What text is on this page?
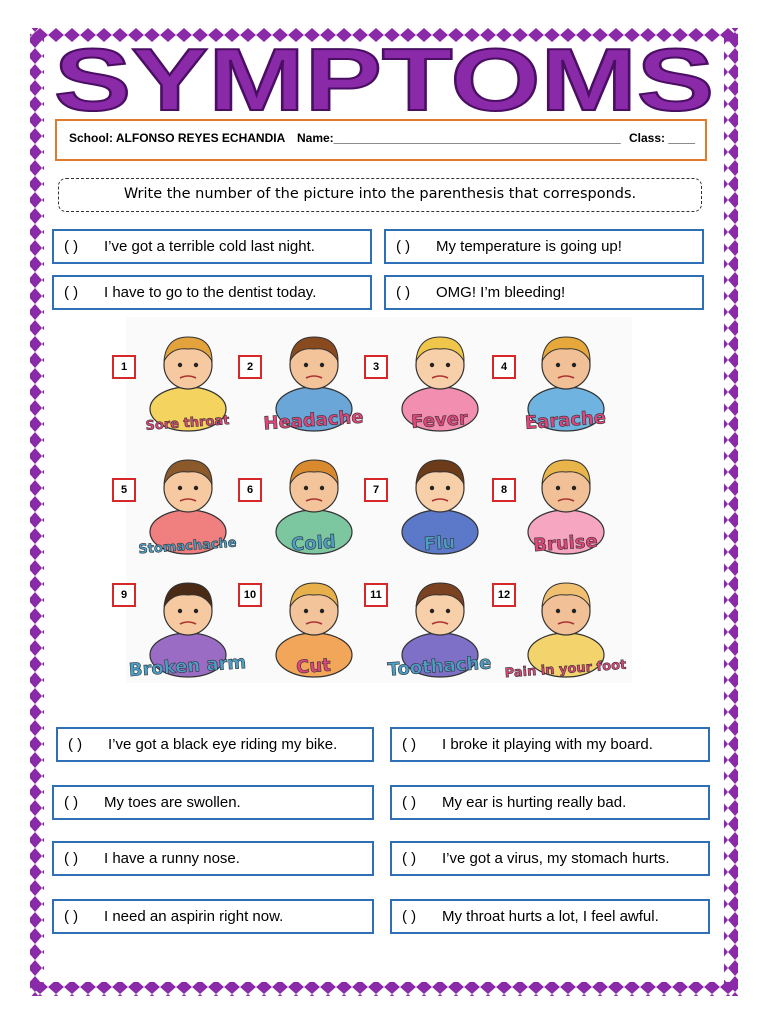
SYMPTOMS
School: ALFONSO REYES ECHANDIA Name:___________________________________________ Class: ____
Write the number of the picture into the parenthesis that corresponds.
( ) I’ve got a terrible cold last night.	( ) My temperature is going up!
( ) I have to go to the dentist today.	( ) OMG! I’m bleeding!
Sore throat
1
Headache
2
Fever
3
Earache
4
Stomachache
5
Cold
6
Flu
7
Bruise
8
Broken arm
9
Cut
10
Toothache
11
Pain in your foot
12
( ) I’ve got a black eye riding my bike.	( ) I broke it playing with my board.
( ) My toes are swollen.	( ) My ear is hurting really bad.
( ) I have a runny nose.	( ) I’ve got a virus, my stomach hurts.
( ) I need an aspirin right now.	( ) My throat hurts a lot, I feel awful.
